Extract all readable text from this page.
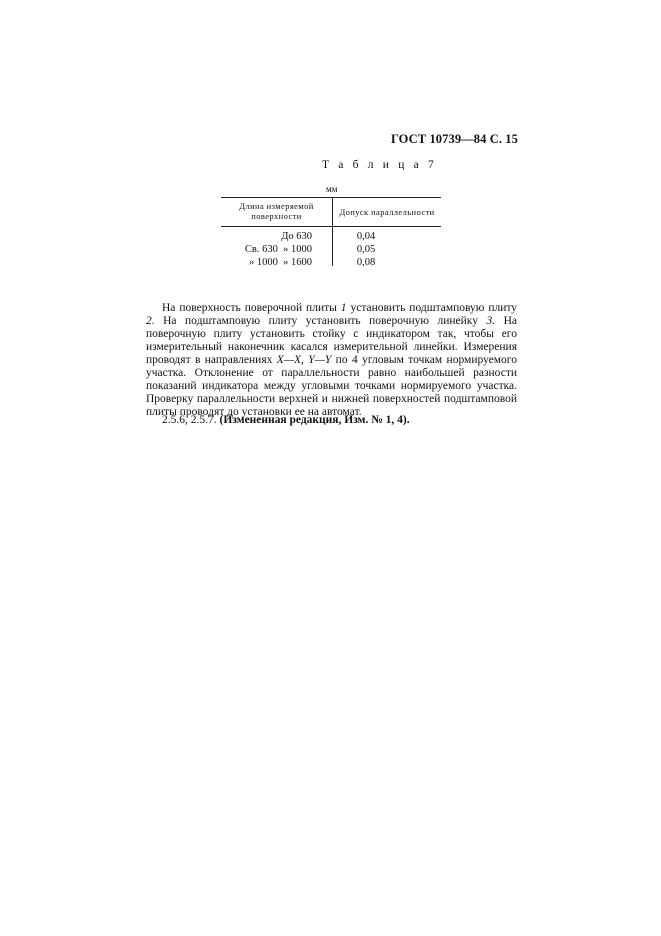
ГОСТ 10739—84 С. 15
Т а б л и ц а 7
мм
Длина измеряемой
поверхности	Допуск параллельности
До 630
Св. 630  » 1000
» 1000  » 1600
0,04
0,05
0,08

На поверхность поверочной плиты 1 установить подштамповую плиту 2. На подштамповую плиту установить поверочную линейку 3. На поверочную плиту установить стойку с индикатором так, чтобы его измерительный наконечник касался измерительной линейки. Измерения проводят в направлениях X—X, Y—Y по 4 угловым точкам нормируемого участка. Отклонение от параллельности равно наибольшей разности показаний индикатора между угловыми точками нормируемого участка. Проверку параллельности верхней и нижней поверхностей подштамповой плиты проводят до установки ее на автомат.

2.5.6, 2.5.7. (Измененная редакция, Изм. № 1, 4).
